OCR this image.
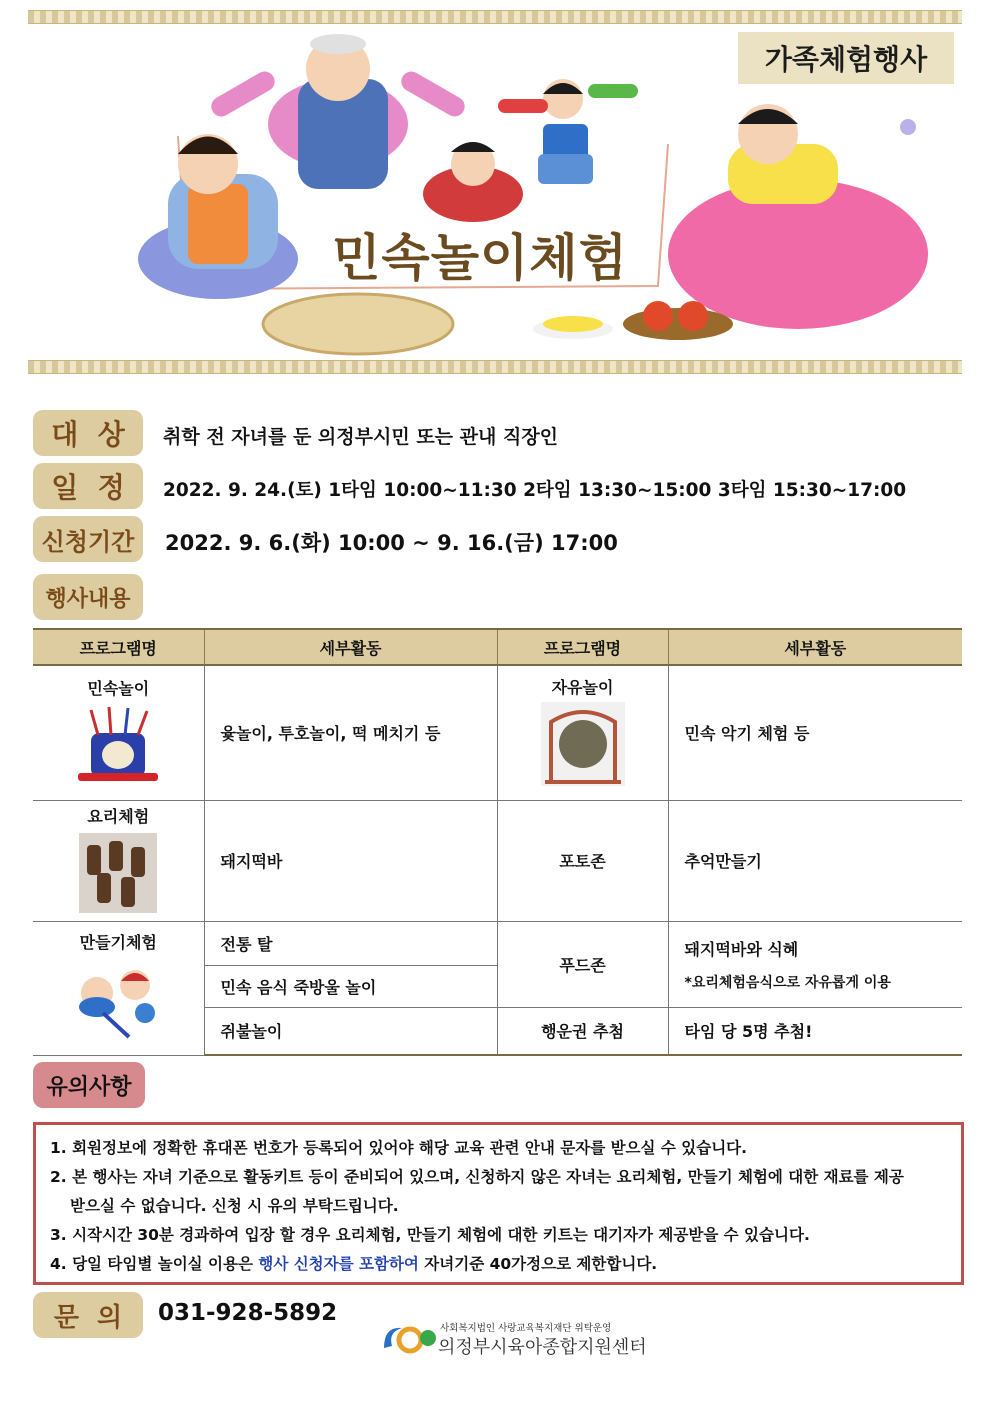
가족체험행사
민속놀이체험
대  상	취학 전 자녀를 둔 의정부시민 또는 관내 직장인
일  정	2022. 9. 24.(토) 1타임 10:00~11:30 2타임 13:30~15:00 3타임 15:30~17:00
신청기간	2022. 9. 6.(화) 10:00 ~ 9. 16.(금) 17:00
행사내용
프로그램명	세부활동	프로그램명	세부활동

민속놀이	윷놀이, 투호놀이, 떡 메치기 등	자유놀이	민속 악기 체험 등

요리체험	돼지떡바	포토존	추억만들기

만들기체험	전통 탈	푸드존	돼지떡바와 식혜
*요리체험음식으로 자유롭게 이용

	민속 음식 죽방울 놀이		
	쥐불놀이	행운권 추첨	타임 당 5명 추첨!
유의사항
1. 회원정보에 정확한 휴대폰 번호가 등록되어 있어야 해당 교육 관련 안내 문자를 받으실 수 있습니다.
2. 본 행사는 자녀 기준으로 활동키트 등이 준비되어 있으며, 신청하지 않은 자녀는 요리체험, 만들기 체험에 대한 재료를 제공
받으실 수 없습니다. 신청 시 유의 부탁드립니다.
3. 시작시간 30분 경과하여 입장 할 경우 요리체험, 만들기 체험에 대한 키트는 대기자가 제공받을 수 있습니다.
4. 당일 타임별 놀이실 이용은 행사 신청자를 포함하여 자녀기준 40가정으로 제한합니다.
문  의	031-928-5892
사회복지법인 사랑교육복지재단 위탁운영
의정부시육아종합지원센터
